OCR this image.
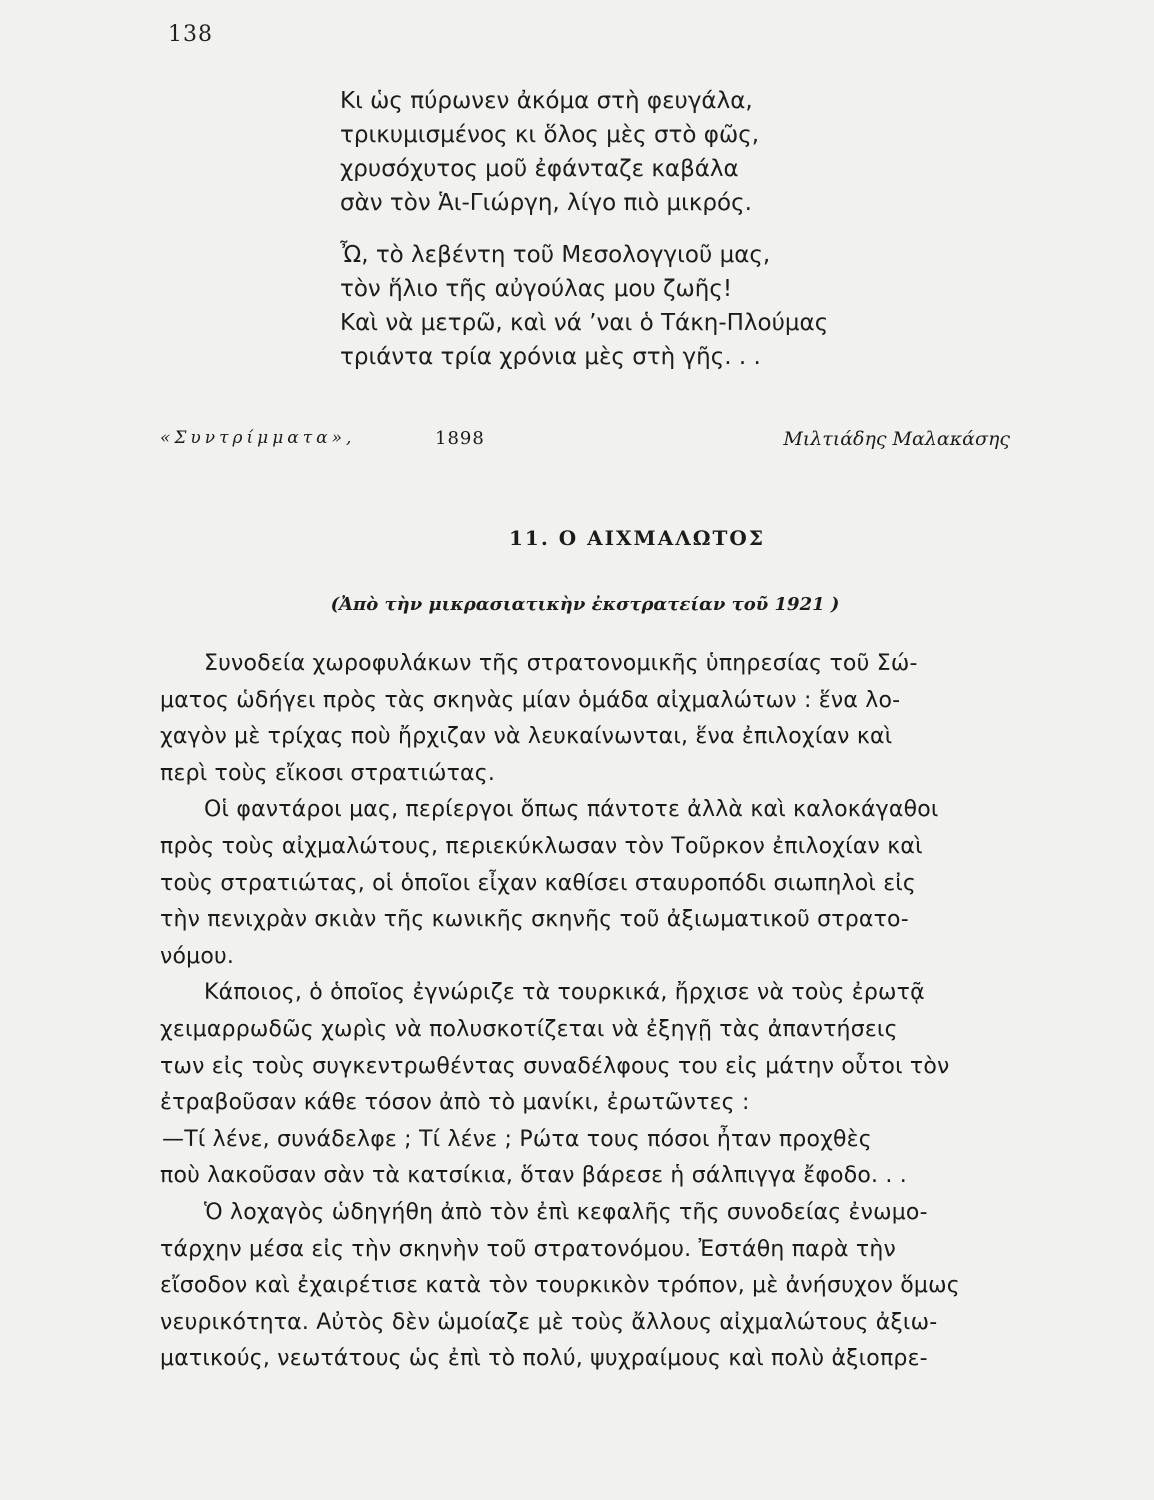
138
Κι ὡς πύρωνεν ἀκόμα στὴ φευγάλα,
τρικυμισμένος κι ὅλος μὲς στὸ φῶς,
χρυσόχυτος μοῦ ἐφάνταζε καβάλα
σὰν τὸν Ἁι-Γιώργη, λίγο πιὸ μικρός.
Ὦ, τὸ λεβέντη τοῦ Μεσολογγιοῦ μας,
τὸν ἥλιο τῆς αὐγούλας μου ζωῆς!
Καὶ νὰ μετρῶ, καὶ νά ’ναι ὁ Τάκη-Πλούμας
τριάντα τρία χρόνια μὲς στὴ γῆς. . .
«Συντρίμματα»,	1898	Μιλτιάδης Μαλακάσης
11. Ο ΑΙΧΜΑΛΩΤΟΣ
(Ἀπὸ τὴν μικρασιατικὴν ἐκστρατείαν τοῦ 1921 )
Συνοδεία χωροφυλάκων τῆς στρατονομικῆς ὑπηρεσίας τοῦ Σώ-
ματος ὡδήγει πρὸς τὰς σκηνὰς μίαν ὁμάδα αἰχμαλώτων : ἕνα λο-
χαγὸν μὲ τρίχας ποὺ ἤρχιζαν νὰ λευκαίνωνται, ἕνα ἐπιλοχίαν καὶ
περὶ τοὺς εἴκοσι στρατιώτας.
Οἱ φαντάροι μας, περίεργοι ὅπως πάντοτε ἀλλὰ καὶ καλοκάγαθοι
πρὸς τοὺς αἰχμαλώτους, περιεκύκλωσαν τὸν Τοῦρκον ἐπιλοχίαν καὶ
τοὺς στρατιώτας, οἱ ὁποῖοι εἶχαν καθίσει σταυροπόδι σιωπηλοὶ εἰς
τὴν πενιχρὰν σκιὰν τῆς κωνικῆς σκηνῆς τοῦ ἀξιωματικοῦ στρατο-
νόμου.
Κάποιος, ὁ ὁποῖος ἐγνώριζε τὰ τουρκικά, ἤρχισε νὰ τοὺς ἐρωτᾷ
χειμαρρωδῶς χωρὶς νὰ πολυσκοτίζεται νὰ ἐξηγῇ τὰς ἀπαντήσεις
των εἰς τοὺς συγκεντρωθέντας συναδέλφους του εἰς μάτην οὗτοι τὸν
ἐτραβοῦσαν κάθε τόσον ἀπὸ τὸ μανίκι, ἐρωτῶντες :
—Τί λένε, συνάδελφε ; Τί λένε ; Ρώτα τους πόσοι ἦταν προχθὲς
ποὺ λακοῦσαν σὰν τὰ κατσίκια, ὅταν βάρεσε ἡ σάλπιγγα ἔφοδο. . .
Ὁ λοχαγὸς ὡδηγήθη ἀπὸ τὸν ἐπὶ κεφαλῆς τῆς συνοδείας ἐνωμο-
τάρχην μέσα εἰς τὴν σκηνὴν τοῦ στρατονόμου. Ἐστάθη παρὰ τὴν
εἴσοδον καὶ ἐχαιρέτισε κατὰ τὸν τουρκικὸν τρόπον, μὲ ἀνήσυχον ὅμως
νευρικότητα. Αὐτὸς δὲν ὡμοίαζε μὲ τοὺς ἄλλους αἰχμαλώτους ἀξιω-
ματικούς, νεωτάτους ὡς ἐπὶ τὸ πολύ, ψυχραίμους καὶ πολὺ ἀξιοπρε-
